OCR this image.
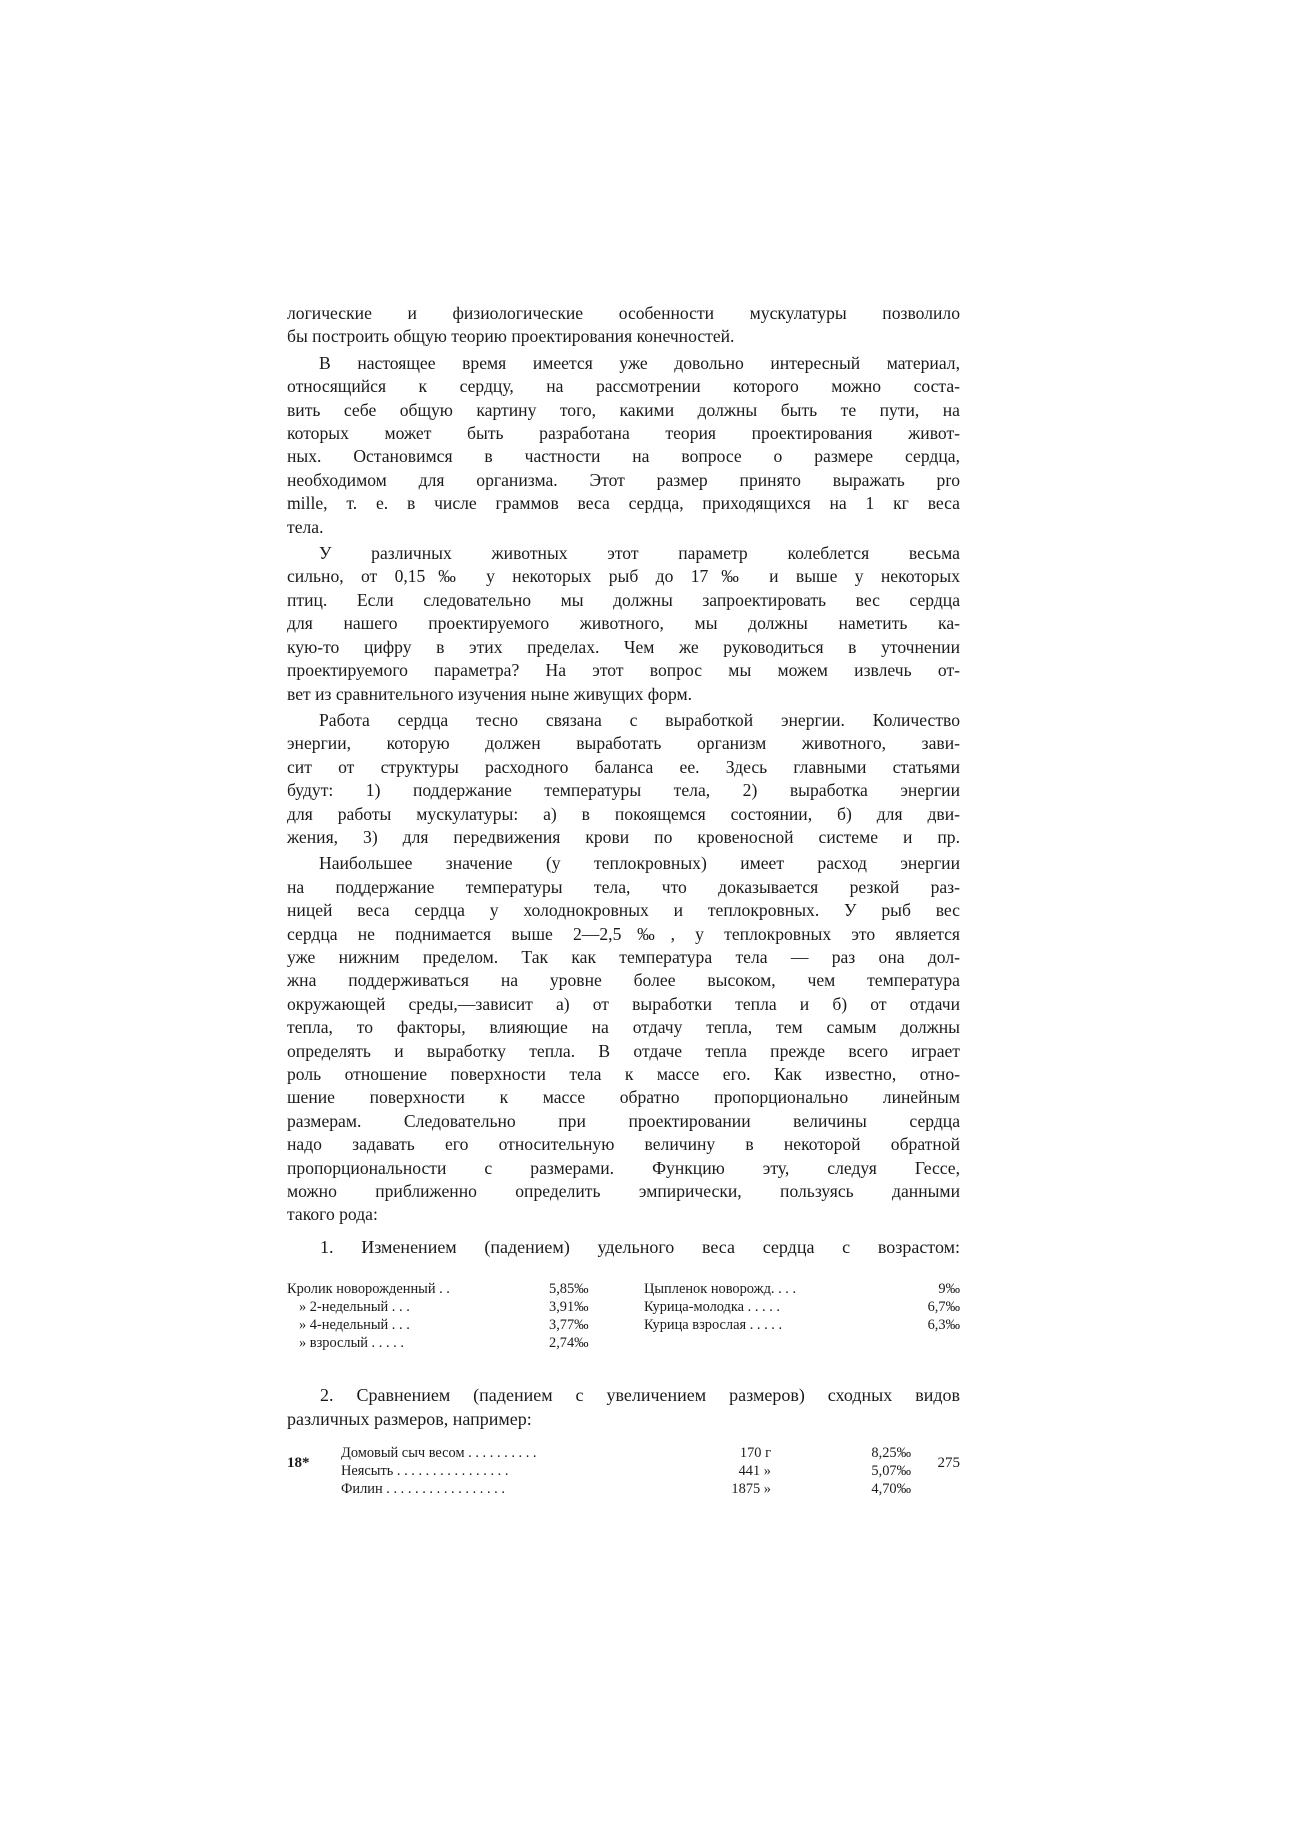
логические и физиологические особенности мускулатуры позволило
бы построить общую теорию проектирования конечностей.
В настоящее время имеется уже довольно интересный материал,
относящийся к сердцу, на рассмотрении которого можно соста-
вить себе общую картину того, какими должны быть те пути, на
которых может быть разработана теория проектирования живот-
ных. Остановимся в частности на вопросе о размере сердца,
необходимом для организма. Этот размер принято выражать pro
mille, т. е. в числе граммов веса сердца, приходящихся на 1 кг веса
тела.
У различных животных этот параметр колеблется весьма
сильно, от 0,15‰ у некоторых рыб до 17‰ и выше у некоторых
птиц. Если следовательно мы должны запроектировать вес сердца
для нашего проектируемого животного, мы должны наметить ка-
кую-то цифру в этих пределах. Чем же руководиться в уточнении
проектируемого параметра? На этот вопрос мы можем извлечь от-
вет из сравнительного изучения ныне живущих форм.
Работа сердца тесно связана с выработкой энергии. Количество
энергии, которую должен выработать организм животного, зави-
сит от структуры расходного баланса ее. Здесь главными статьями
будут: 1) поддержание температуры тела, 2) выработка энергии
для работы мускулатуры: а) в покоящемся состоянии, б) для дви-
жения, 3) для передвижения крови по кровеносной системе и пр.
Наибольшее значение (у теплокровных) имеет расход энергии
на поддержание температуры тела, что доказывается резкой раз-
ницей веса сердца у холоднокровных и теплокровных. У рыб вес
сердца не поднимается выше 2—2,5‰, у теплокровных это является
уже нижним пределом. Так как температура тела — раз она дол-
жна поддерживаться на уровне более высоком, чем температура
окружающей среды,—зависит а) от выработки тепла и б) от отдачи
тепла, то факторы, влияющие на отдачу тепла, тем самым должны
определять и выработку тепла. В отдаче тепла прежде всего играет
роль отношение поверхности тела к массе его. Как известно, отно-
шение поверхности к массе обратно пропорционально линейным
размерам. Следовательно при проектировании величины сердца
надо задавать его относительную величину в некоторой обратной
пропорциональности с размерами. Функцию эту, следуя Гессе,
можно приближенно определить эмпирически, пользуясь данными
такого рода:
1. Изменением (падением) удельного веса сердца с возрастом:
Кролик новорожденный . .	5,85‰	Цыпленок новорожд. . . .	9‰
» 2-недельный . . .	3,91‰	Курица-молодка . . . . .	6,7‰
» 4-недельный . . .	3,77‰	Курица взрослая . . . . .	6,3‰
» взрослый . . . . .	2,74‰		
2. Сравнением (падением с увеличением размеров) сходных видов
различных размеров, например:
Домовый сыч весом . . . . . . . . . .	170 г	8,25‰
Неясыть . . . . . . . . . . . . . . . .	441 »	5,07‰
Филин . . . . . . . . . . . . . . . . .	1875 »	4,70‰
18*	275
